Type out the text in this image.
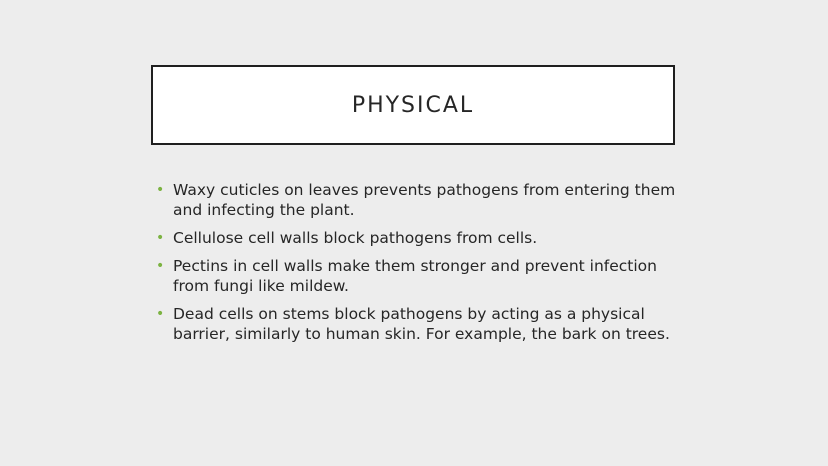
PHYSICAL
• Waxy cuticles on leaves prevents pathogens from entering them and infecting the plant.
• Cellulose cell walls block pathogens from cells.
• Pectins in cell walls make them stronger and prevent infection from fungi like mildew.
• Dead cells on stems block pathogens by acting as a physical barrier, similarly to human skin. For example, the bark on trees.
